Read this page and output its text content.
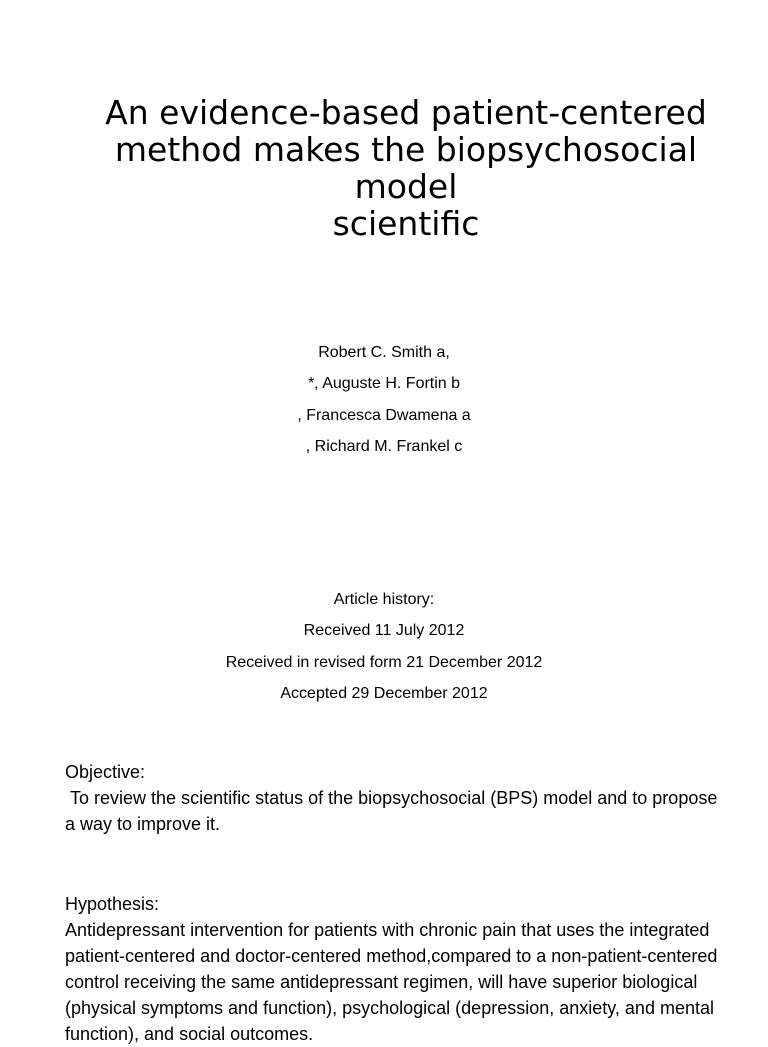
An evidence-based patient-centered
method makes the biopsychosocial
model
scientific
Robert C. Smith a,
*, Auguste H. Fortin b
, Francesca Dwamena a
, Richard M. Frankel c
Article history:
Received 11 July 2012
Received in revised form 21 December 2012
Accepted 29 December 2012

Objective:

To review the scientific status of the biopsychosocial (BPS) model and to propose a way to improve it.

Hypothesis:

Antidepressant intervention for patients with chronic pain that uses the integrated patient-centered and doctor-centered method,compared to a non-patient-centered control receiving the same antidepressant regimen, will have superior biological (physical symptoms and function), psychological (depression, anxiety, and mental function), and social outcomes.
